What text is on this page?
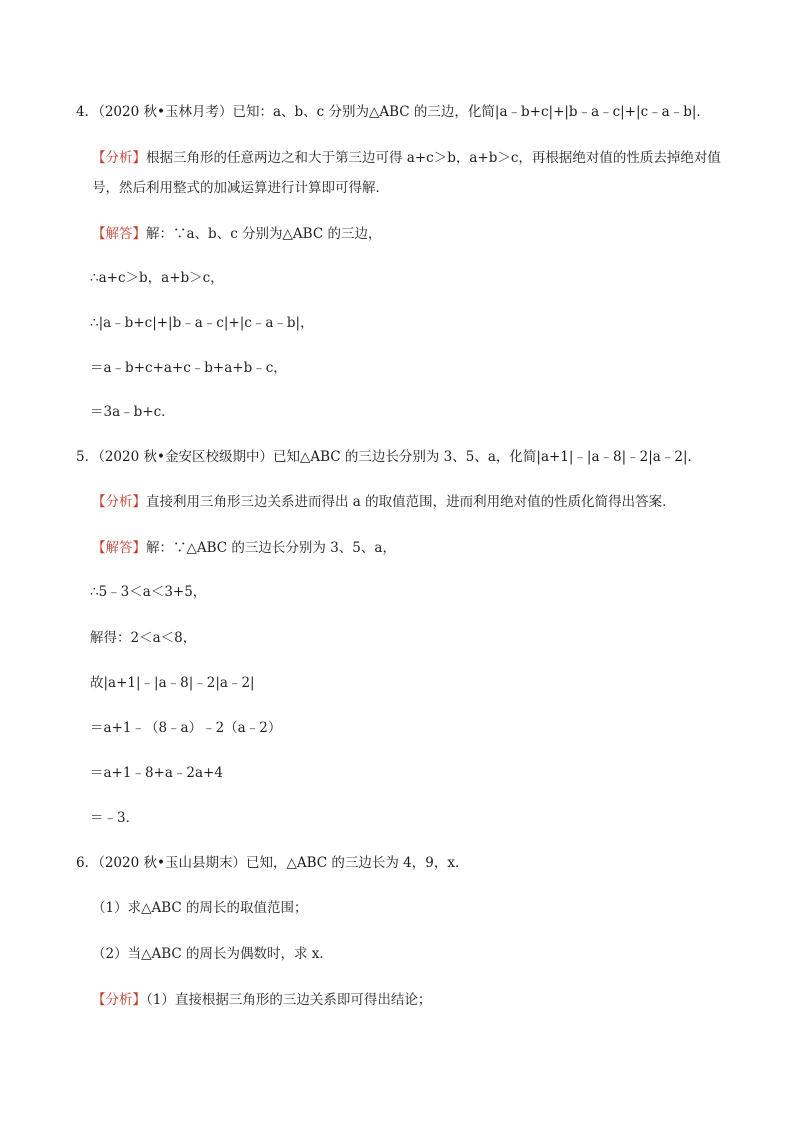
4．（2020 秋•玉林月考）已知：a、b、c 分别为△ABC 的三边，化简|a﹣b+c|+|b﹣a﹣c|+|c﹣a﹣b|．
【分析】根据三角形的任意两边之和大于第三边可得 a+c＞b，a+b＞c，再根据绝对值的性质去掉绝对值
号，然后利用整式的加减运算进行计算即可得解．
【解答】解：∵a、b、c 分别为△ABC 的三边，
∴a+c＞b，a+b＞c，
∴|a﹣b+c|+|b﹣a﹣c|+|c﹣a﹣b|，
＝a﹣b+c+a+c﹣b+a+b﹣c，
＝3a﹣b+c．
5．（2020 秋•金安区校级期中）已知△ABC 的三边长分别为 3、5、a，化简|a+1|﹣|a﹣8|﹣2|a﹣2|．
【分析】直接利用三角形三边关系进而得出 a 的取值范围，进而利用绝对值的性质化简得出答案．
【解答】解：∵△ABC 的三边长分别为 3、5、a，
∴5﹣3＜a＜3+5，
解得：2＜a＜8，
故|a+1|﹣|a﹣8|﹣2|a﹣2|
＝a+1﹣（8﹣a）﹣2（a﹣2）
＝a+1﹣8+a﹣2a+4
＝﹣3．
6．（2020 秋•玉山县期末）已知，△ABC 的三边长为 4，9，x．
（1）求△ABC 的周长的取值范围；
（2）当△ABC 的周长为偶数时，求 x．
【分析】（1）直接根据三角形的三边关系即可得出结论；
